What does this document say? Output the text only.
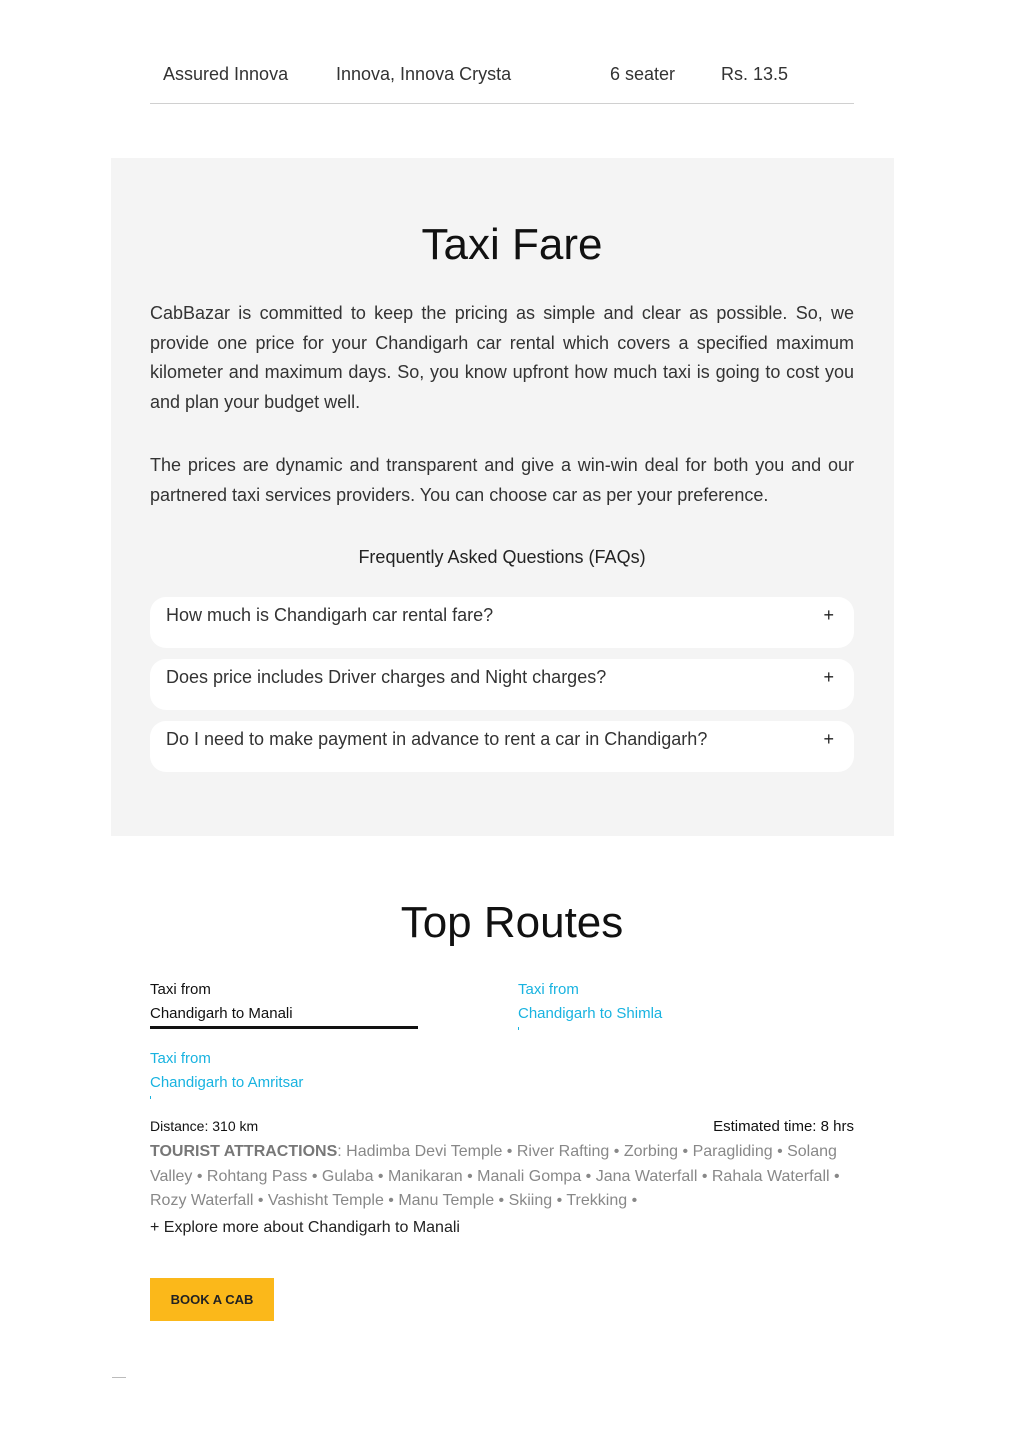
Assured Innova	Innova, Innova Crysta	6 seater	Rs. 13.5
Taxi Fare
CabBazar is committed to keep the pricing as simple and clear as possible. So, we provide one price for your Chandigarh car rental which covers a specified maximum kilometer and maximum days. So, you know upfront how much taxi is going to cost you and plan your budget well.
The prices are dynamic and transparent and give a win-win deal for both you and our partnered taxi services providers. You can choose car as per your preference.
Frequently Asked Questions (FAQs)
How much is Chandigarh car rental fare?	+
Does price includes Driver charges and Night charges?	+
Do I need to make payment in advance to rent a car in Chandigarh?	+
Top Routes
Taxi from
Chandigarh to Manali
Taxi from
Chandigarh to Shimla
Taxi from
Chandigarh to Amritsar
Distance: 310 km	Estimated time: 8 hrs
TOURIST ATTRACTIONS: Hadimba Devi Temple • River Rafting • Zorbing • Paragliding • Solang Valley • Rohtang Pass • Gulaba • Manikaran • Manali Gompa • Jana Waterfall • Rahala Waterfall • Rozy Waterfall • Vashisht Temple • Manu Temple • Skiing • Trekking •
+ Explore more about Chandigarh to Manali
BOOK A CAB
